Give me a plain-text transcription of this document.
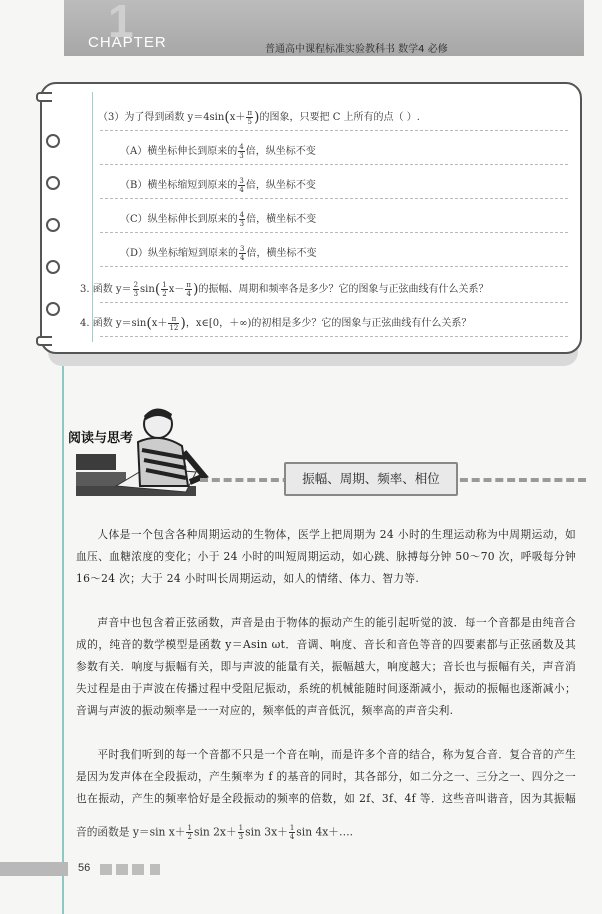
1
CHAPTER	普通高中课程标准实验教科书 数学4 必修
（3）为了得到函数 $y=4\sin(x+ \frac{\pi}{5}$ )的图象，只要把 C 上所有的点（ ）.
（A）横坐标伸长到原来的 $\frac{4}{3}$ 倍，纵坐标不变
（B）横坐标缩短到原来的 $\frac{3}{4}$ 倍，纵坐标不变
（C）纵坐标伸长到原来的 $\frac{4}{3}$ 倍，横坐标不变
（D）纵坐标缩短到原来的 $\frac{3}{4}$ 倍，横坐标不变
3. 函数 $y= \frac{2}{3} \sin( \frac{1}{2} x- \frac{\pi}{4}$ )的振幅、周期和频率各是多少？它的图象与正弦曲线有什么关系？
4. 函数 $y=\sin(x+ \frac{\pi}{12}$ )，x∈[0，＋∞)的初相是多少？它的图象与正弦曲线有什么关系？
阅读与思考
振幅、周期、频率、相位
人体是一个包含各种周期运动的生物体，医学上把周期为 24 小时的生理运动称为中周期运动，如血压、血糖浓度的变化；小于 24 小时的叫短周期运动，如心跳、脉搏每分钟 50～70 次，呼吸每分钟 16～24 次；大于 24 小时叫长周期运动，如人的情绪、体力、智力等.
声音中也包含着正弦函数，声音是由于物体的振动产生的能引起听觉的波．每一个音都是由纯音合成的，纯音的数学模型是函数 y＝Asin ωt．音调、响度、音长和音色等音的四要素都与正弦函数及其参数有关．响度与振幅有关，即与声波的能量有关，振幅越大，响度越大；音长也与振幅有关，声音消失过程是由于声波在传播过程中受阻尼振动，系统的机械能随时间逐渐减小，振动的振幅也逐渐减小；音调与声波的振动频率是一一对应的，频率低的声音低沉，频率高的声音尖利.
平时我们听到的每一个音都不只是一个音在响，而是许多个音的结合，称为复合音．复合音的产生是因为发声体在全段振动，产生频率为 f 的基音的同时，其各部分，如二分之一、三分之一、四分之一也在振动，产生的频率恰好是全段振动的频率的倍数，如 2f、3f、4f 等．这些音叫谐音，因为其振幅
音的函数是 y＝sin $x+ \frac{1}{2}$ $\sin 2x+ \frac{1}{3}$ $\sin 3x+ \frac{1}{4}$ sin 4x＋….
56
